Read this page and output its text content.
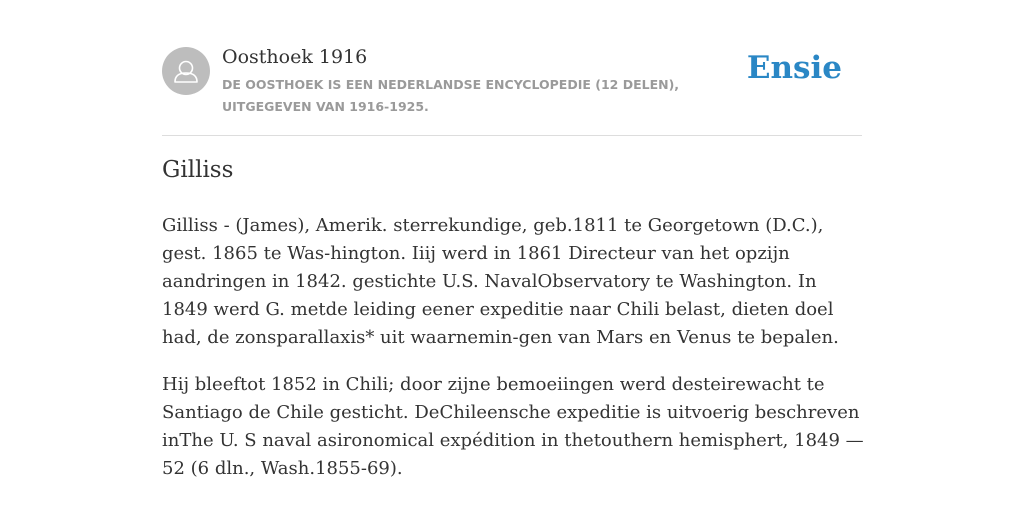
Oosthoek 1916
DE OOSTHOEK IS EEN NEDERLANDSE ENCYCLOPEDIE (12 DELEN), UITGEGEVEN VAN 1916-1925.
Ensie
Gilliss

Gilliss - (James), Amerik. sterrekundige, geb.1811 te Georgetown (D.C.), gest. 1865 te Was-hington. Iiij werd in 1861 Directeur van het opzijn aandringen in 1842. gestichte U.S. NavalObservatory te Washington. In 1849 werd G. metde leiding eener expeditie naar Chili belast, dieten doel had, de zonsparallaxis* uit waarnemin-gen van Mars en Venus te bepalen.

Hij bleeftot 1852 in Chili; door zijne bemoeiingen werd desteirewacht te Santiago de Chile gesticht. DeChileensche expeditie is uitvoerig beschreven inThe U. S naval asironomical expédition in thetouthern hemisphert, 1849 —52 (6 dln., Wash.1855-69).
